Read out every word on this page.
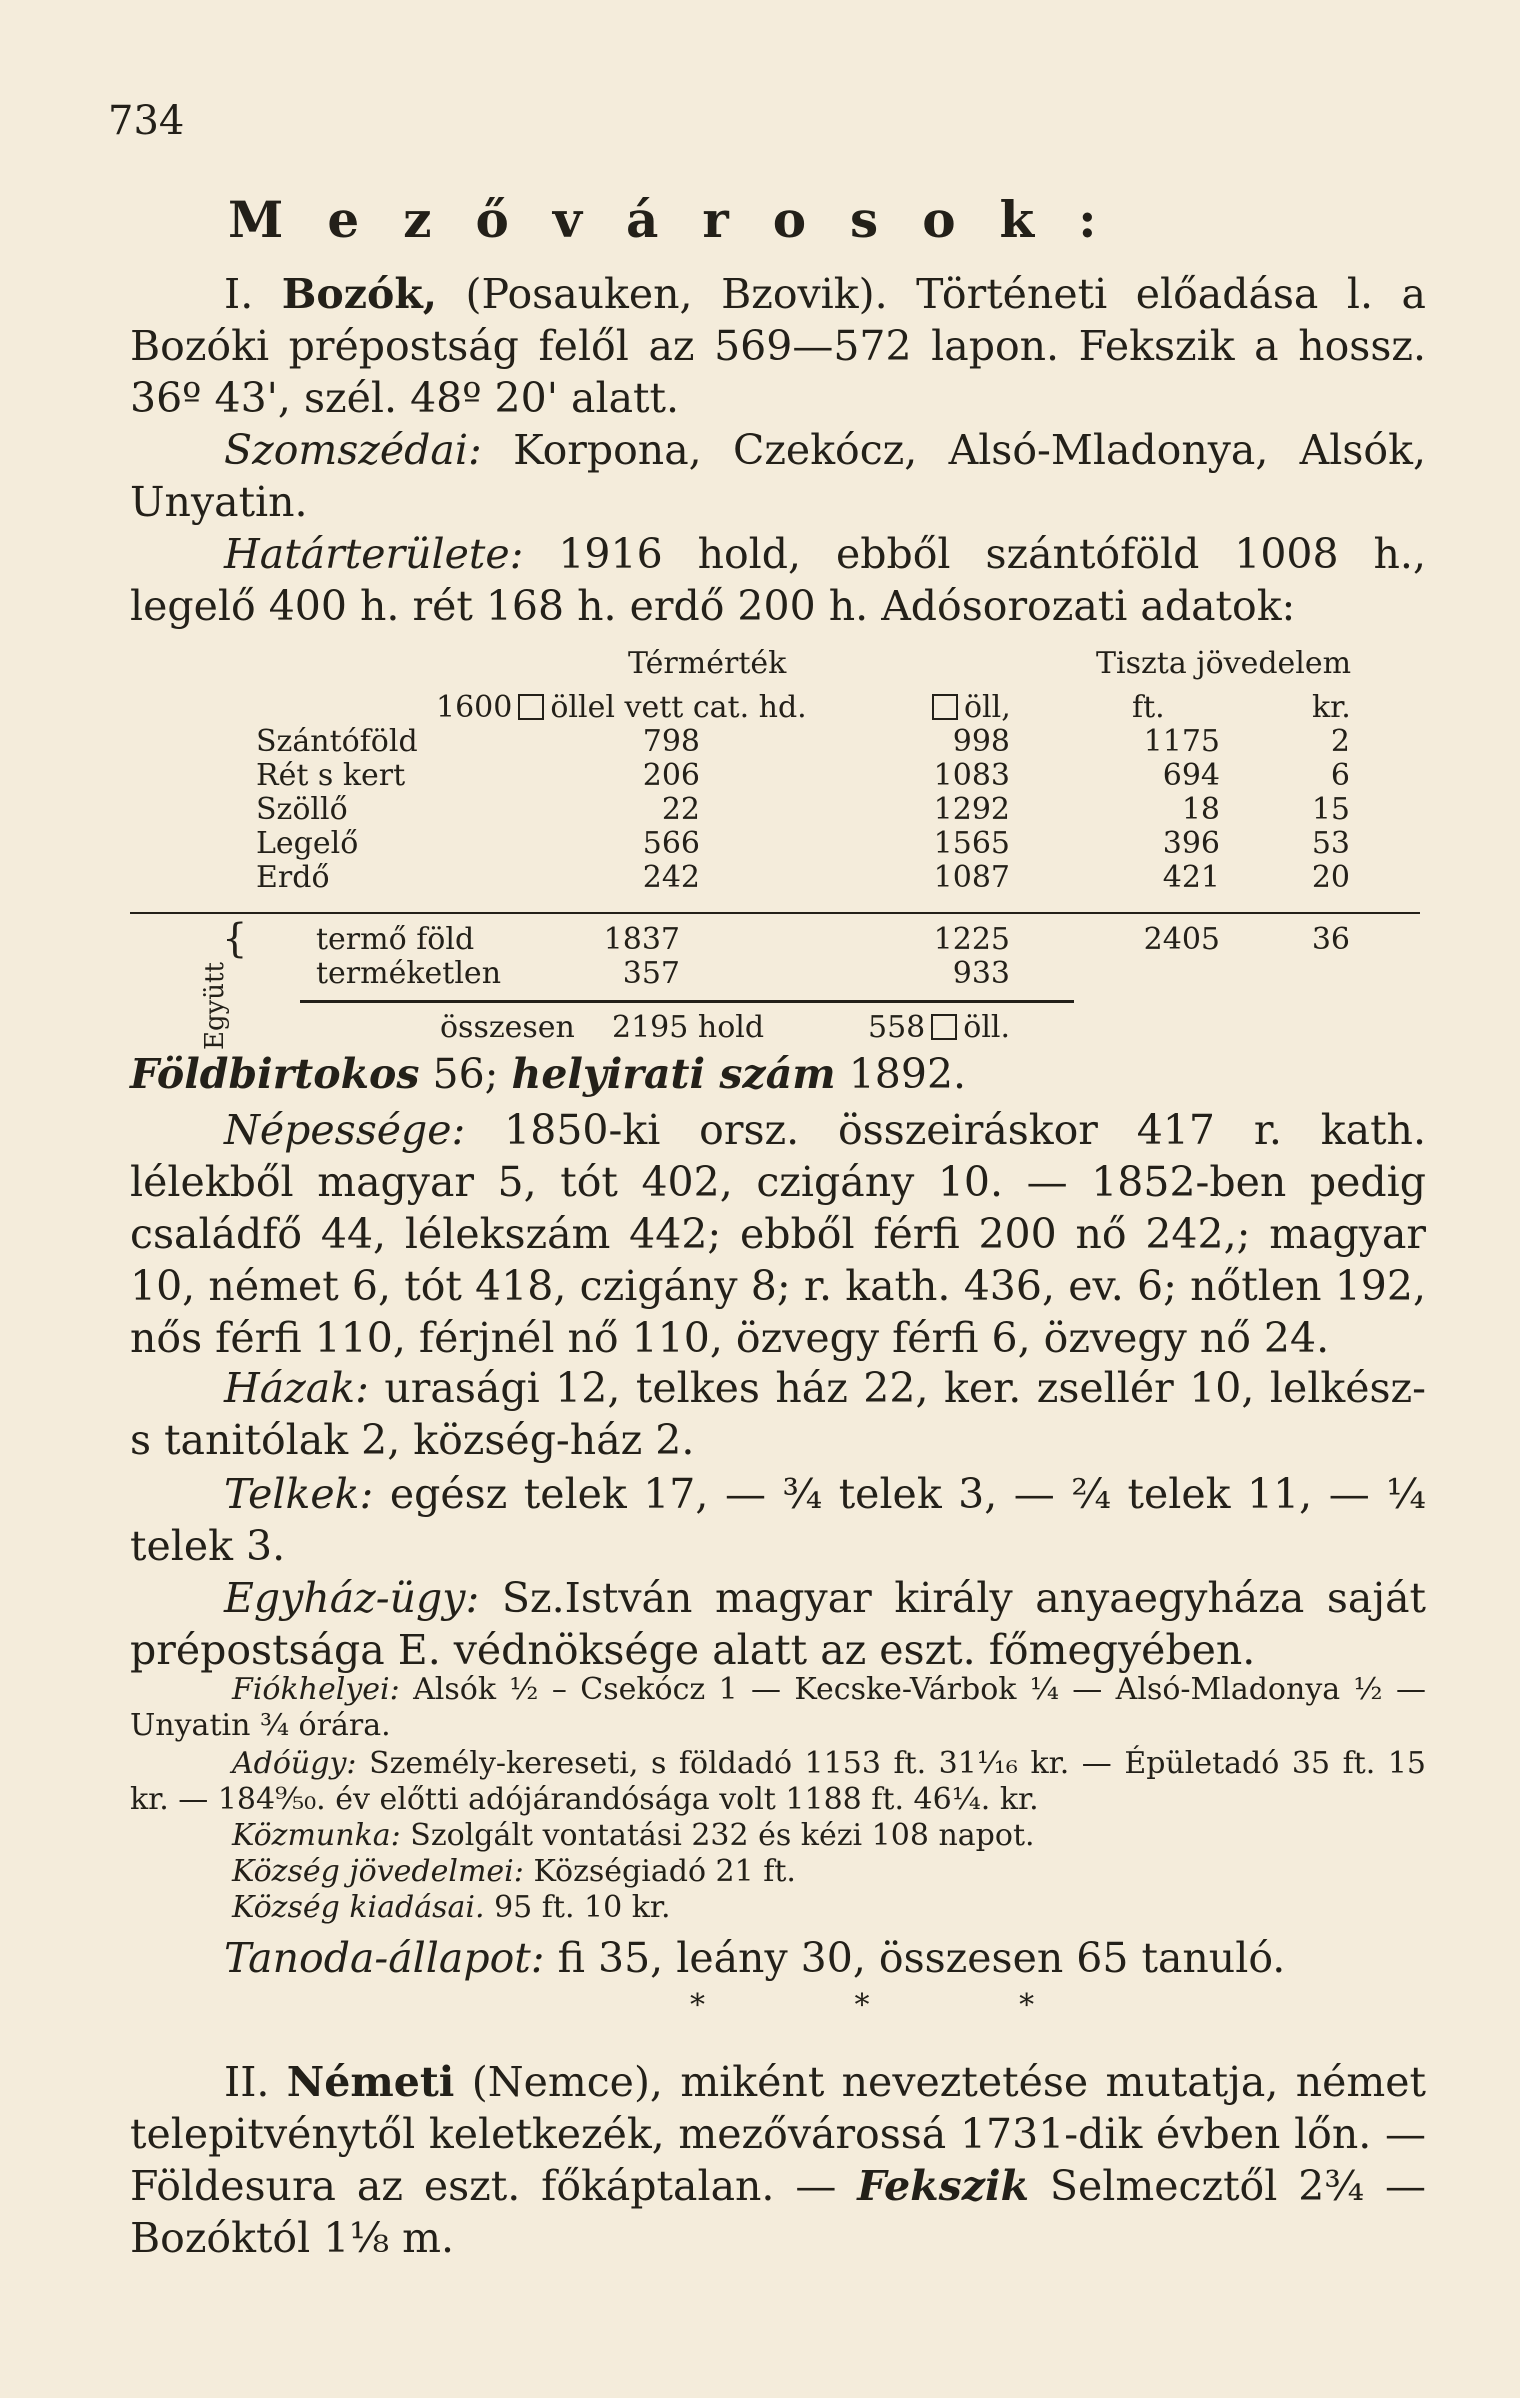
734
Mezővárosok:
I. Bozók, (Posauken, Bzovik). Történeti előadása l. a Bozóki prépostság felől az 569—572 lapon. Fekszik a hossz. 36º 43', szél. 48º 20' alatt.
Szomszédai: Korpona, Czekócz, Alsó-Mladonya, Alsók, Unyatin.
Határterülete: 1916 hold, ebből szántóföld 1008 h., legelő 400 h. rét 168 h. erdő 200 h. Adósorozati adatok:
Térmérték	Tiszta jövedelem
1600 öllel vett cat. hd.	öll,	ft.	kr.
Szántóföld	798	998	1175	2
Rét s kert	206	1083	694	6
Szöllő	22	1292	18	15
Legelő	566	1565	396	53
Erdő	242	1087	421	20
Együtt
{ termő föld	1837	1225	2405	36
terméketlen	357	933
összesen 2195 hold	558 öll.
Földbirtokos 56; helyirati szám 1892.
Népessége: 1850-ki orsz. összeiráskor 417 r. kath. lélekből magyar 5, tót 402, czigány 10. — 1852-ben pedig családfő 44, lélekszám 442; ebből férfi 200 nő 242,; magyar 10, német 6, tót 418, czigány 8; r. kath. 436, ev. 6; nőtlen 192, nős férfi 110, férjnél nő 110, özvegy férfi 6, özvegy nő 24.
Házak: urasági 12, telkes ház 22, ker. zsellér 10, lelkész- s tanitólak 2, község-ház 2.
Telkek: egész telek 17, — ¾ telek 3, — ²⁄₄ telek 11, — ¼ telek 3.
Egyház-ügy: Sz.István magyar király anyaegyháza saját prépostsága E. védnöksége alatt az eszt. főmegyében.
Fiókhelyei: Alsók ½ – Csekócz 1 — Kecske-Várbok ¼ — Alsó-Mladonya ½ — Unyatin ¾ órára.
Adóügy: Személy-kereseti, s földadó 1153 ft. 31¹⁄₁₆ kr. — Épületadó 35 ft. 15 kr. — 184⁹⁄₅₀. év előtti adójárandósága volt 1188 ft. 46¼. kr.
Közmunka: Szolgált vontatási 232 és kézi 108 napot.
Község jövedelmei: Községiadó 21 ft.
Község kiadásai. 95 ft. 10 kr.
Tanoda-állapot: fi 35, leány 30, összesen 65 tanuló.
* * *
II. Németi (Nemce), miként neveztetése mutatja, német telepitvénytől keletkezék, mezővárossá 1731-dik évben lőn. — Földesura az eszt. főkáptalan. — Fekszik Selmecztől 2¾ — Bozóktól 1⅛ m.
